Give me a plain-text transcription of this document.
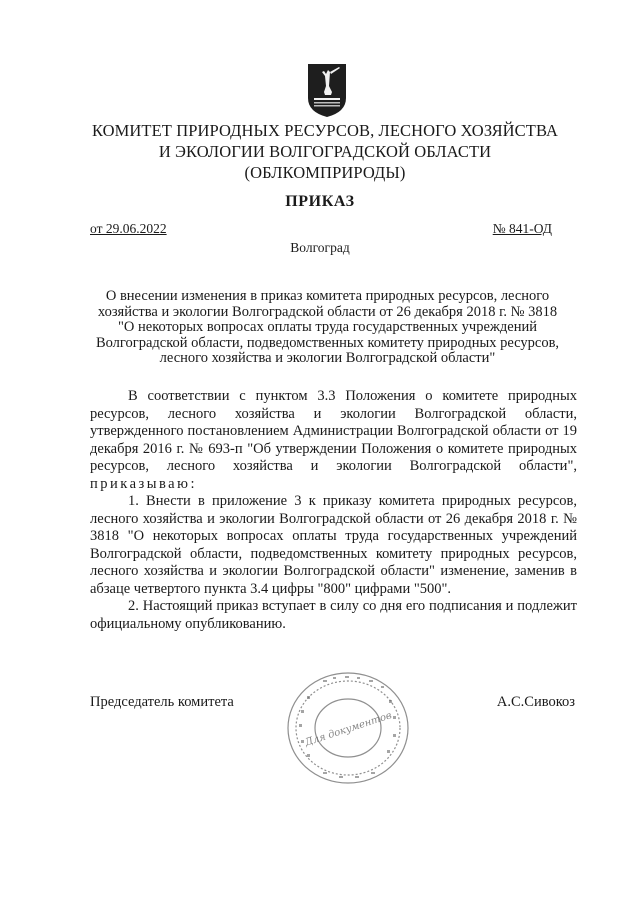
КОМИТЕТ ПРИРОДНЫХ РЕСУРСОВ, ЛЕСНОГО ХОЗЯЙСТВА
И ЭКОЛОГИИ ВОЛГОГРАДСКОЙ ОБЛАСТИ
(ОБЛКОМПРИРОДЫ)
ПРИКАЗ
от 29.06.2022	№ 841-ОД
Волгоград
О внесении изменения в приказ комитета природных ресурсов, лесного
хозяйства и экологии Волгоградской области от 26 декабря 2018 г. № 3818
"О некоторых вопросах оплаты труда государственных учреждений
Волгоградской области, подведомственных комитету природных ресурсов,
лесного хозяйства и экологии Волгоградской области"

В соответствии с пунктом 3.3 Положения о комитете природных ресурсов, лесного хозяйства и экологии Волгоградской области, утвержденного постановлением Администрации Волгоградской области от 19 декабря 2016 г. № 693-п "Об утверждении Положения о комитете природных ресурсов, лесного хозяйства и экологии Волгоградской области", приказываю:

1. Внести в приложение 3 к приказу комитета природных ресурсов, лесного хозяйства и экологии Волгоградской области от 26 декабря 2018 г. № 3818 "О некоторых вопросах оплаты труда государственных учреждений Волгоградской области, подведомственных комитету природных ресурсов, лесного хозяйства и экологии Волгоградской области" изменение, заменив в абзаце четвертого пункта 3.4 цифры "800" цифрами "500".

2. Настоящий приказ вступает в силу со дня его подписания и подлежит официальному опубликованию.

Председатель комитета	А.С.Сивокоз
Для документов
